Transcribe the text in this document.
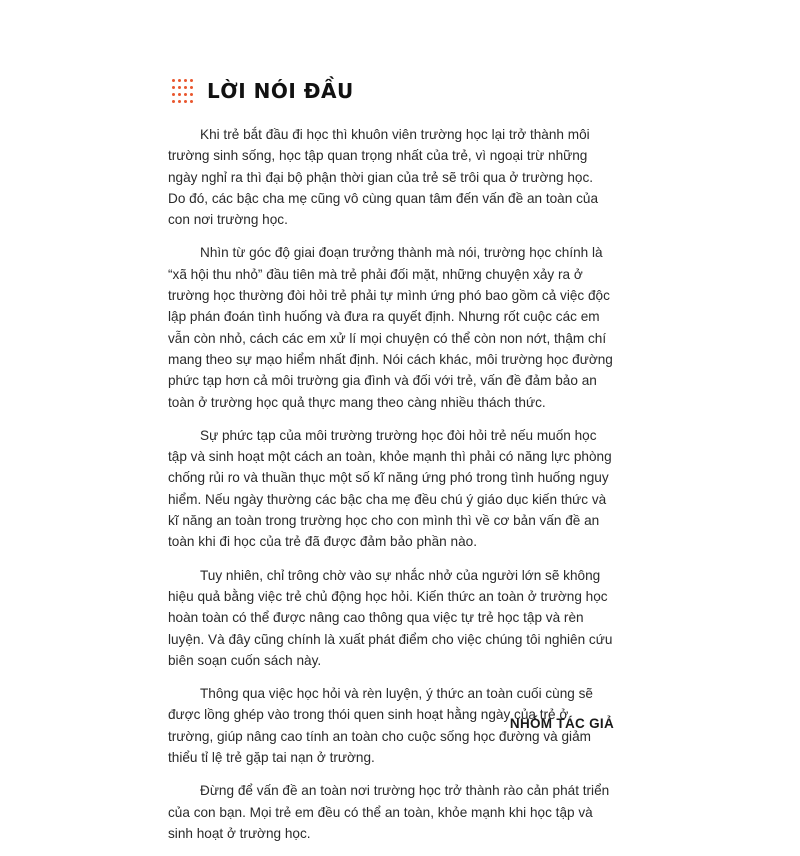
LỜI NÓI ĐẦU

Khi trẻ bắt đầu đi học thì khuôn viên trường học lại trở thành môi trường sinh sống, học tập quan trọng nhất của trẻ, vì ngoại trừ những ngày nghỉ ra thì đại bộ phận thời gian của trẻ sẽ trôi qua ở trường học. Do đó, các bậc cha mẹ cũng vô cùng quan tâm đến vấn đề an toàn của con nơi trường học.

Nhìn từ góc độ giai đoạn trưởng thành mà nói, trường học chính là “xã hội thu nhỏ” đầu tiên mà trẻ phải đối mặt, những chuyện xảy ra ở trường học thường đòi hỏi trẻ phải tự mình ứng phó bao gồm cả việc độc lập phán đoán tình huống và đưa ra quyết định. Nhưng rốt cuộc các em vẫn còn nhỏ, cách các em xử lí mọi chuyện có thể còn non nớt, thậm chí mang theo sự mạo hiểm nhất định. Nói cách khác, môi trường học đường phức tạp hơn cả môi trường gia đình và đối với trẻ, vấn đề đảm bảo an toàn ở trường học quả thực mang theo càng nhiều thách thức.

Sự phức tạp của môi trường trường học đòi hỏi trẻ nếu muốn học tập và sinh hoạt một cách an toàn, khỏe mạnh thì phải có năng lực phòng chống rủi ro và thuần thục một số kĩ năng ứng phó trong tình huống nguy hiểm. Nếu ngày thường các bậc cha mẹ đều chú ý giáo dục kiến thức và kĩ năng an toàn trong trường học cho con mình thì về cơ bản vấn đề an toàn khi đi học của trẻ đã được đảm bảo phần nào.

Tuy nhiên, chỉ trông chờ vào sự nhắc nhở của người lớn sẽ không hiệu quả bằng việc trẻ chủ động học hỏi. Kiến thức an toàn ở trường học hoàn toàn có thể được nâng cao thông qua việc tự trẻ học tập và rèn luyện. Và đây cũng chính là xuất phát điểm cho việc chúng tôi nghiên cứu biên soạn cuốn sách này.

Thông qua việc học hỏi và rèn luyện, ý thức an toàn cuối cùng sẽ được lồng ghép vào trong thói quen sinh hoạt hằng ngày của trẻ ở trường, giúp nâng cao tính an toàn cho cuộc sống học đường và giảm thiểu tỉ lệ trẻ gặp tai nạn ở trường.

Đừng để vấn đề an toàn nơi trường học trở thành rào cản phát triển của con bạn. Mọi trẻ em đều có thể an toàn, khỏe mạnh khi học tập và sinh hoạt ở trường học.

NHÓM TÁC GIẢ
